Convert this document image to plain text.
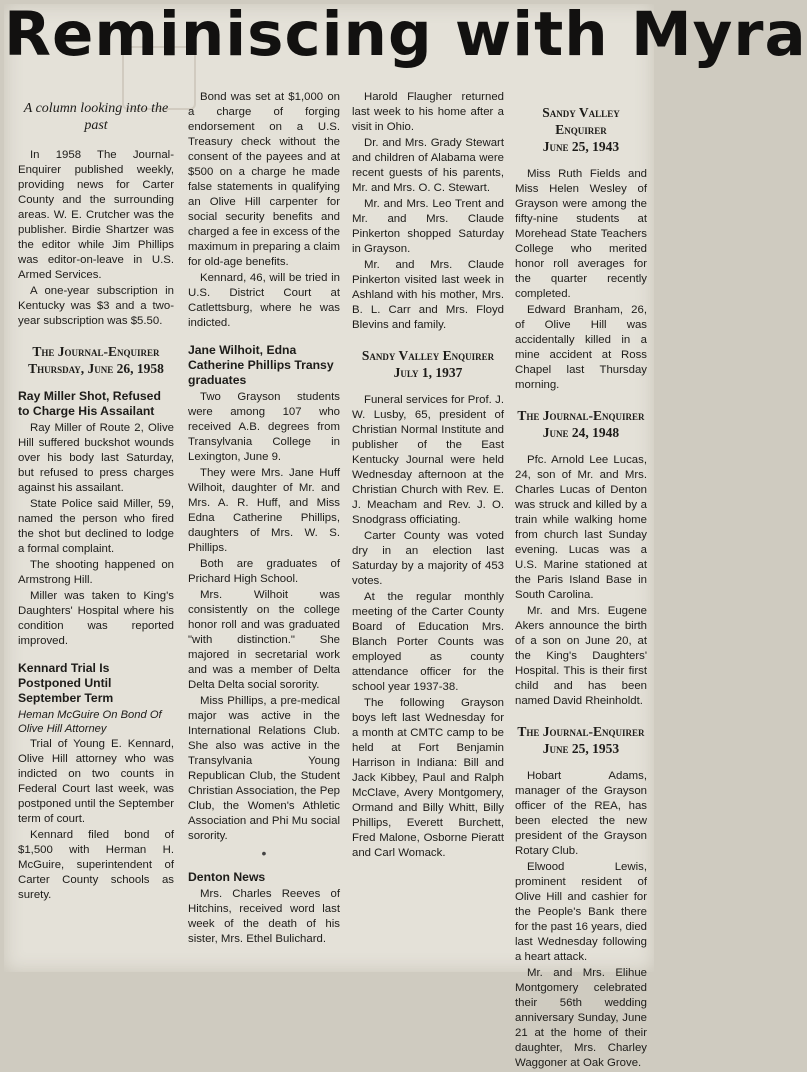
Reminiscing with Myra
A column looking into the past

In 1958 The Journal-Enquirer published weekly, providing news for Carter County and the surrounding areas. W. E. Crutcher was the publisher. Birdie Shartzer was the editor while Jim Phillips was editor-on-leave in U.S. Armed Services.

A one-year subscription in Kentucky was $3 and a two-year subscription was $5.50.

The Journal-Enquirer
Thursday, June 26, 1958
Ray Miller Shot, Refused to Charge His Assailant

Ray Miller of Route 2, Olive Hill suffered buckshot wounds over his body last Saturday, but refused to press charges against his assailant.

State Police said Miller, 59, named the person who fired the shot but declined to lodge a formal complaint.

The shooting happened on Armstrong Hill.

Miller was taken to King's Daughters' Hospital where his condition was reported improved.

Kennard Trial Is Postponed Until September Term
Heman McGuire On Bond Of Olive Hill Attorney

Trial of Young E. Kennard, Olive Hill attorney who was indicted on two counts in Federal Court last week, was postponed until the September term of court.

Kennard filed bond of $1,500 with Herman H. McGuire, superintendent of Carter County schools as surety.

Bond was set at $1,000 on a charge of forging endorsement on a U.S. Treasury check without the consent of the payees and at $500 on a charge he made false statements in qualifying an Olive Hill carpenter for social security benefits and charged a fee in excess of the maximum in preparing a claim for old-age benefits.

Kennard, 46, will be tried in U.S. District Court at Catlettsburg, where he was indicted.

Jane Wilhoit, Edna Catherine Phillips Transy graduates

Two Grayson students were among 107 who received A.B. degrees from Transylvania College in Lexington, June 9.

They were Mrs. Jane Huff Wilhoit, daughter of Mr. and Mrs. A. R. Huff, and Miss Edna Catherine Phillips, daughters of Mrs. W. S. Phillips.

Both are graduates of Prichard High School.

Mrs. Wilhoit was consistently on the college honor roll and was graduated "with distinction." She majored in secretarial work and was a member of Delta Delta Delta social sorority.

Miss Phillips, a pre-medical major was active in the International Relations Club. She also was active in the Transylvania Young Republican Club, the Student Christian Association, the Pep Club, the Women's Athletic Association and Phi Mu social sorority.

•
Denton News

Mrs. Charles Reeves of Hitchins, received word last week of the death of his sister, Mrs. Ethel Bulichard.

Harold Flaugher returned last week to his home after a visit in Ohio.

Dr. and Mrs. Grady Stewart and children of Alabama were recent guests of his parents, Mr. and Mrs. O. C. Stewart.

Mr. and Mrs. Leo Trent and Mr. and Mrs. Claude Pinkerton shopped Saturday in Grayson.

Mr. and Mrs. Claude Pinkerton visited last week in Ashland with his mother, Mrs. B. L. Carr and Mrs. Floyd Blevins and family.

Sandy Valley Enquirer
July 1, 1937

Funeral services for Prof. J. W. Lusby, 65, president of Christian Normal Institute and publisher of the East Kentucky Journal were held Wednesday afternoon at the Christian Church with Rev. E. J. Meacham and Rev. J. O. Snodgrass officiating.

Carter County was voted dry in an election last Saturday by a majority of 453 votes.

At the regular monthly meeting of the Carter County Board of Education Mrs. Blanch Porter Counts was employed as county attendance officer for the school year 1937-38.

The following Grayson boys left last Wednesday for a month at CMTC camp to be held at Fort Benjamin Harrison in Indiana: Bill and Jack Kibbey, Paul and Ralph McClave, Avery Montgomery, Ormand and Billy Whitt, Billy Phillips, Everett Burchett, Fred Malone, Osborne Pieratt and Carl Womack.

Sandy Valley Enquirer
June 25, 1943

Miss Ruth Fields and Miss Helen Wesley of Grayson were among the fifty-nine students at Morehead State Teachers College who merited honor roll averages for the quarter recently completed.

Edward Branham, 26, of Olive Hill was accidentally killed in a mine accident at Ross Chapel last Thursday morning.

The Journal-Enquirer
June 24, 1948

Pfc. Arnold Lee Lucas, 24, son of Mr. and Mrs. Charles Lucas of Denton was struck and killed by a train while walking home from church last Sunday evening. Lucas was a U.S. Marine stationed at the Paris Island Base in South Carolina.

Mr. and Mrs. Eugene Akers announce the birth of a son on June 20, at the King's Daughters' Hospital. This is their first child and has been named David Rheinholdt.

The Journal-Enquirer
June 25, 1953

Hobart Adams, manager of the Grayson officer of the REA, has been elected the new president of the Grayson Rotary Club.

Elwood Lewis, prominent resident of Olive Hill and cashier for the People's Bank there for the past 16 years, died last Wednesday following a heart attack.

Mr. and Mrs. Elihue Montgomery celebrated their 56th wedding anniversary Sunday, June 21 at the home of their daughter, Mrs. Charley Waggoner at Oak Grove.
